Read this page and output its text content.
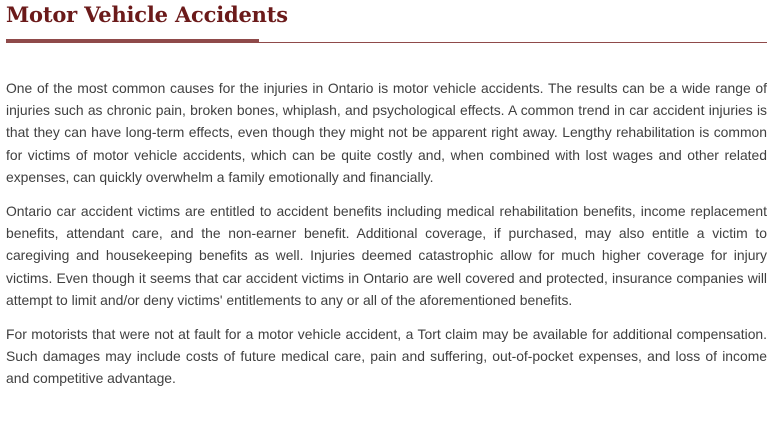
Motor Vehicle Accidents

One of the most common causes for the injuries in Ontario is motor vehicle accidents. The results can be a wide range of injuries such as chronic pain, broken bones, whiplash, and psychological effects. A common trend in car accident injuries is that they can have long-term effects, even though they might not be apparent right away. Lengthy rehabilitation is common for victims of motor vehicle accidents, which can be quite costly and, when combined with lost wages and other related expenses, can quickly overwhelm a family emotionally and financially.

Ontario car accident victims are entitled to accident benefits including medical rehabilitation benefits, income replacement benefits, attendant care, and the non-earner benefit. Additional coverage, if purchased, may also entitle a victim to caregiving and housekeeping benefits as well. Injuries deemed catastrophic allow for much higher coverage for injury victims. Even though it seems that car accident victims in Ontario are well covered and protected, insurance companies will attempt to limit and/or deny victims' entitlements to any or all of the aforementioned benefits.

For motorists that were not at fault for a motor vehicle accident, a Tort claim may be available for additional compensation. Such damages may include costs of future medical care, pain and suffering, out-of-pocket expenses, and loss of income and competitive advantage.
